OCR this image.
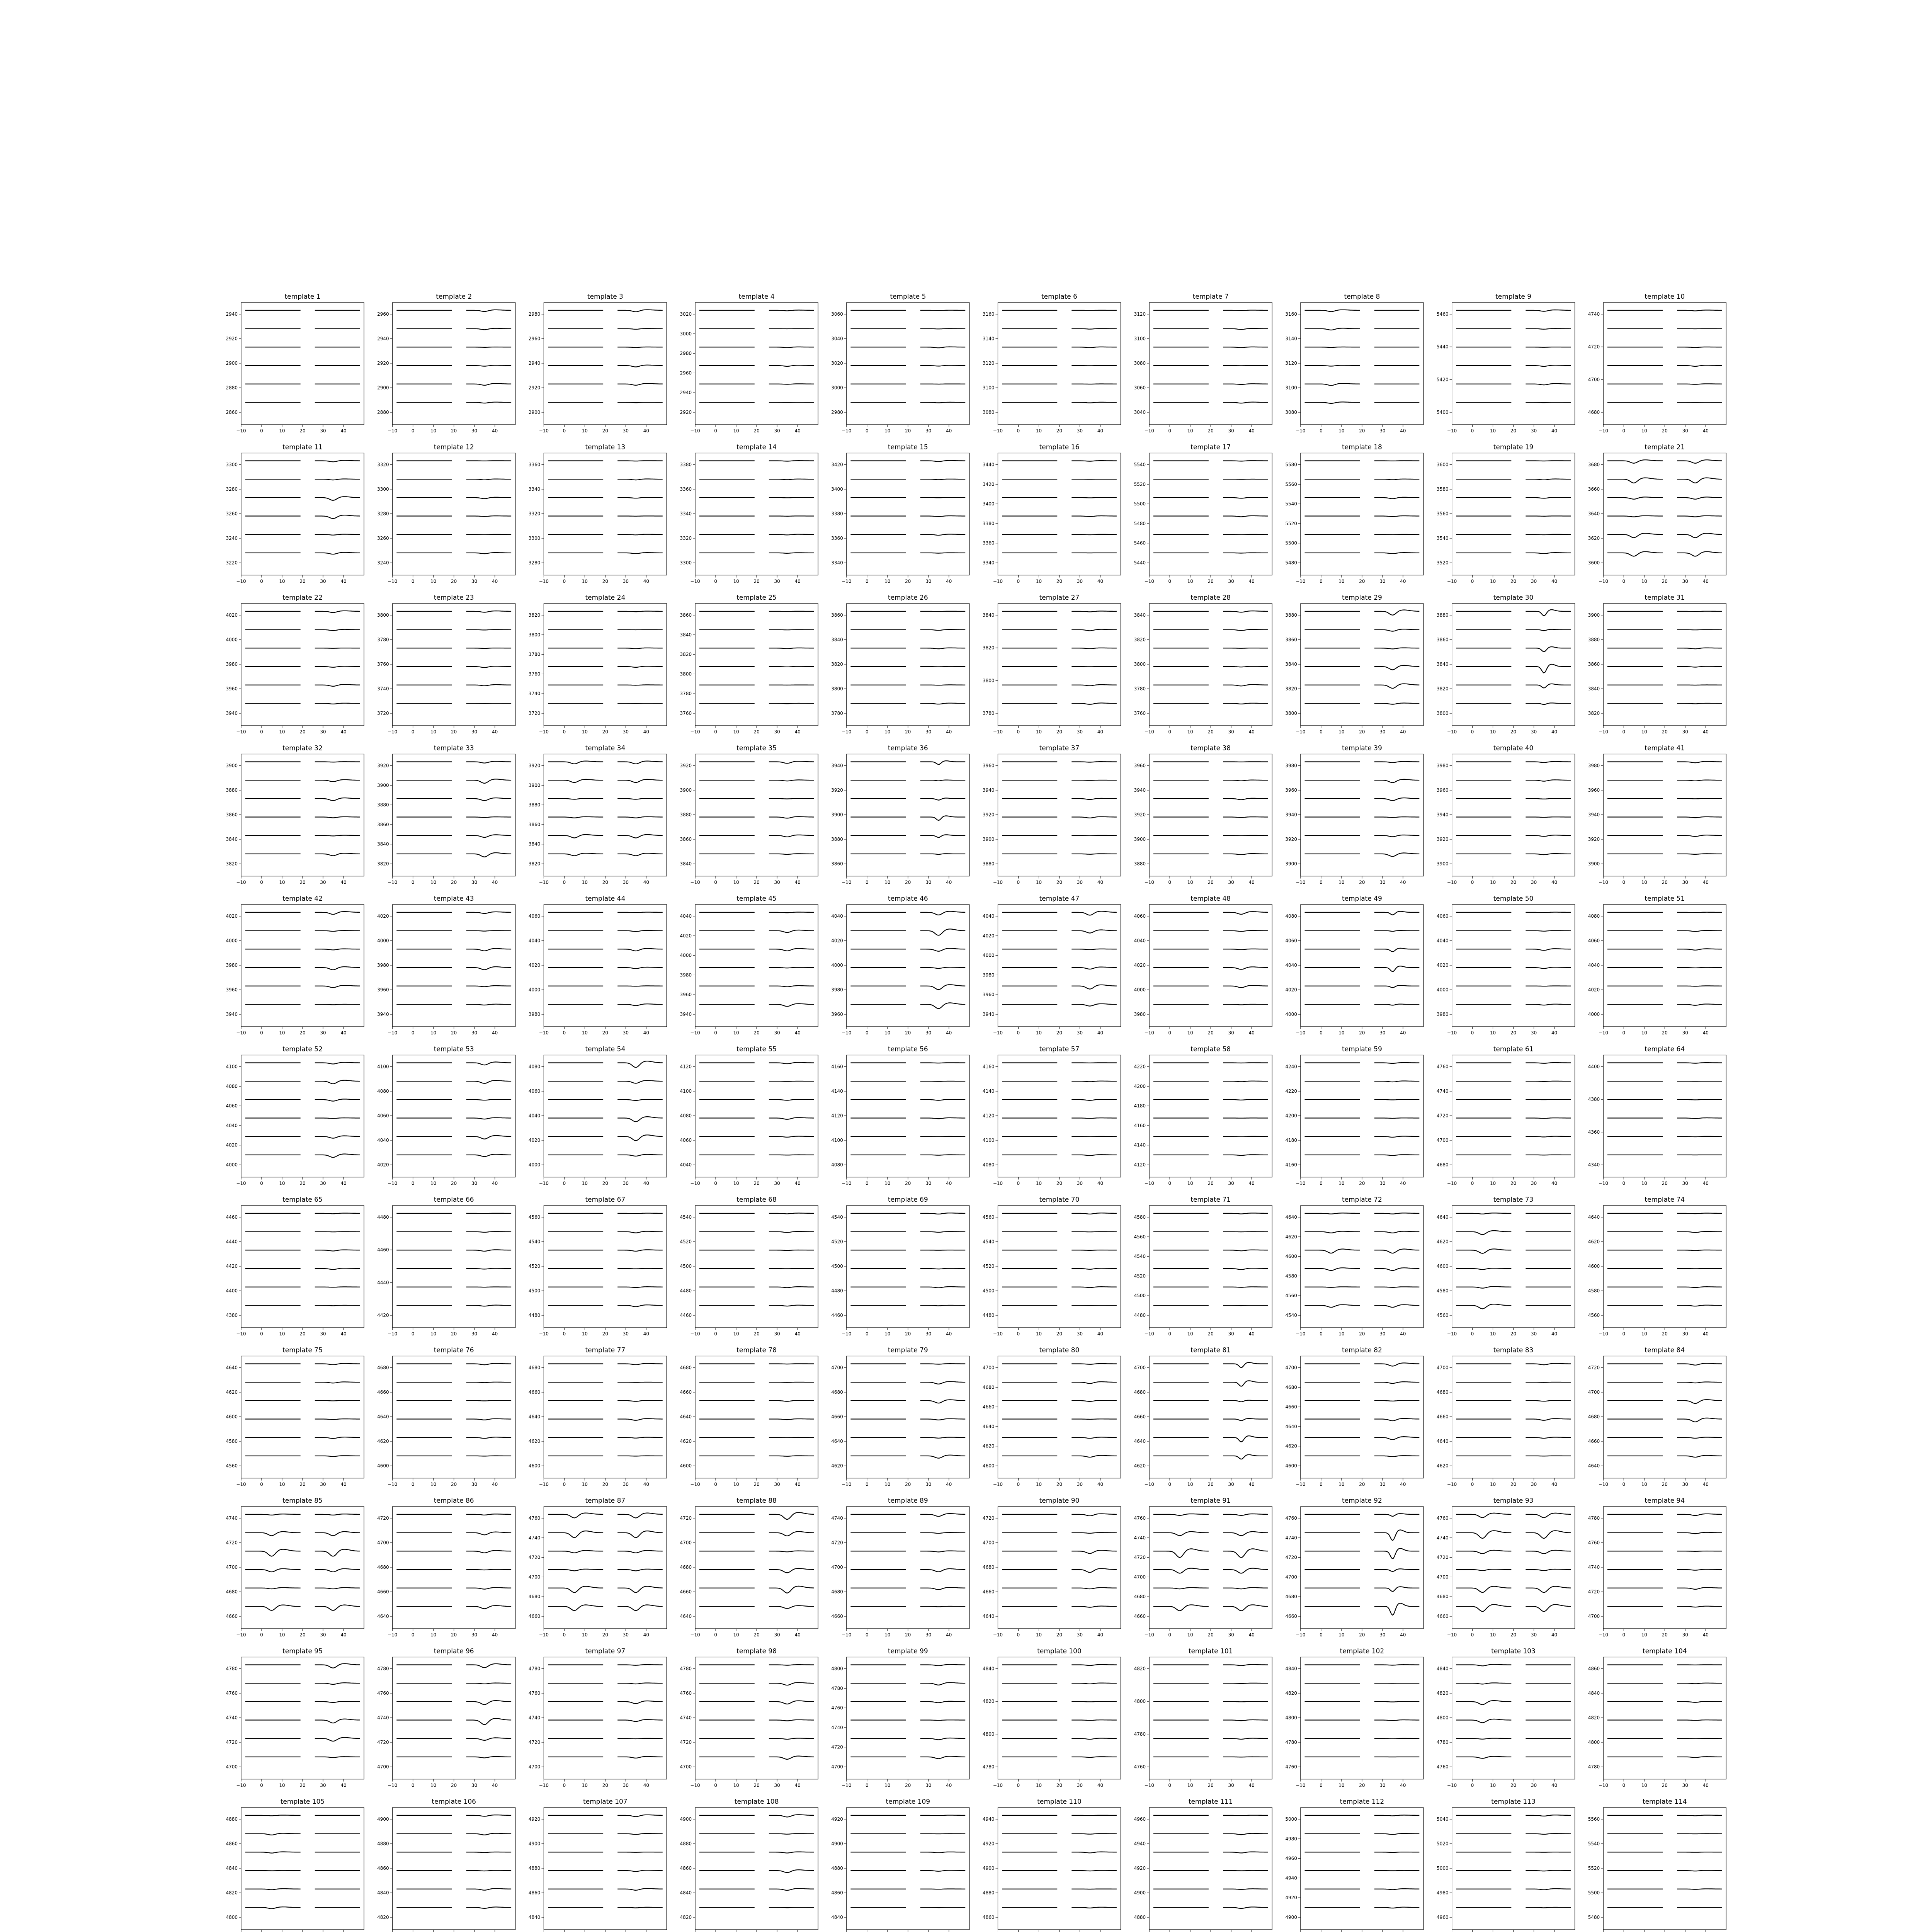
template 1
−10	0	10	20	30	40
2940
2920
2900
2880
2860
template 2
−10	0	10	20	30	40
2960
2940
2920
2900
2880
template 3
−10	0	10	20	30	40
2980
2960
2940
2920
2900
template 4
−10	0	10	20	30	40
3020
3000
2980
2960
2940
2920
template 5
−10	0	10	20	30	40
3060
3040
3020
3000
2980
template 6
−10	0	10	20	30	40
3160
3140
3120
3100
3080
template 7
−10	0	10	20	30	40
3120
3100
3080
3060
3040
template 8
−10	0	10	20	30	40
3160
3140
3120
3100
3080
template 9
−10	0	10	20	30	40
5460
5440
5420
5400
template 10
−10	0	10	20	30	40
4740
4720
4700
4680
template 11
−10	0	10	20	30	40
3300
3280
3260
3240
3220
template 12
−10	0	10	20	30	40
3320
3300
3280
3260
3240
template 13
−10	0	10	20	30	40
3360
3340
3320
3300
3280
template 14
−10	0	10	20	30	40
3380
3360
3340
3320
3300
template 15
−10	0	10	20	30	40
3420
3400
3380
3360
3340
template 16
−10	0	10	20	30	40
3440
3420
3400
3380
3360
3340
template 17
−10	0	10	20	30	40
5540
5520
5500
5480
5460
5440
template 18
−10	0	10	20	30	40
5580
5560
5540
5520
5500
5480
template 19
−10	0	10	20	30	40
3600
3580
3560
3540
3520
template 21
−10	0	10	20	30	40
3680
3660
3640
3620
3600
template 22
−10	0	10	20	30	40
4020
4000
3980
3960
3940
template 23
−10	0	10	20	30	40
3800
3780
3760
3740
3720
template 24
−10	0	10	20	30	40
3820
3800
3780
3760
3740
3720
template 25
−10	0	10	20	30	40
3860
3840
3820
3800
3780
3760
template 26
−10	0	10	20	30	40
3860
3840
3820
3800
3780
template 27
−10	0	10	20	30	40
3840
3820
3800
3780
template 28
−10	0	10	20	30	40
3840
3820
3800
3780
3760
template 29
−10	0	10	20	30	40
3880
3860
3840
3820
3800
template 30
−10	0	10	20	30	40
3880
3860
3840
3820
3800
template 31
−10	0	10	20	30	40
3900
3880
3860
3840
3820
template 32
−10	0	10	20	30	40
3900
3880
3860
3840
3820
template 33
−10	0	10	20	30	40
3920
3900
3880
3860
3840
3820
template 34
−10	0	10	20	30	40
3920
3900
3880
3860
3840
3820
template 35
−10	0	10	20	30	40
3920
3900
3880
3860
3840
template 36
−10	0	10	20	30	40
3940
3920
3900
3880
3860
template 37
−10	0	10	20	30	40
3960
3940
3920
3900
3880
template 38
−10	0	10	20	30	40
3960
3940
3920
3900
3880
template 39
−10	0	10	20	30	40
3980
3960
3940
3920
3900
template 40
−10	0	10	20	30	40
3980
3960
3940
3920
3900
template 41
−10	0	10	20	30	40
3980
3960
3940
3920
3900
template 42
−10	0	10	20	30	40
4020
4000
3980
3960
3940
template 43
−10	0	10	20	30	40
4020
4000
3980
3960
3940
template 44
−10	0	10	20	30	40
4060
4040
4020
4000
3980
template 45
−10	0	10	20	30	40
4040
4020
4000
3980
3960
3940
template 46
−10	0	10	20	30	40
4040
4020
4000
3980
3960
template 47
−10	0	10	20	30	40
4040
4020
4000
3980
3960
3940
template 48
−10	0	10	20	30	40
4060
4040
4020
4000
3980
template 49
−10	0	10	20	30	40
4080
4060
4040
4020
4000
template 50
−10	0	10	20	30	40
4060
4040
4020
4000
3980
template 51
−10	0	10	20	30	40
4080
4060
4040
4020
4000
template 52
−10	0	10	20	30	40
4100
4080
4060
4040
4020
4000
template 53
−10	0	10	20	30	40
4100
4080
4060
4040
4020
template 54
−10	0	10	20	30	40
4080
4060
4040
4020
4000
template 55
−10	0	10	20	30	40
4120
4100
4080
4060
4040
template 56
−10	0	10	20	30	40
4160
4140
4120
4100
4080
template 57
−10	0	10	20	30	40
4160
4140
4120
4100
4080
template 58
−10	0	10	20	30	40
4220
4200
4180
4160
4140
4120
template 59
−10	0	10	20	30	40
4240
4220
4200
4180
4160
template 61
−10	0	10	20	30	40
4760
4740
4720
4700
4680
template 64
−10	0	10	20	30	40
4400
4380
4360
4340
template 65
−10	0	10	20	30	40
4460
4440
4420
4400
4380
template 66
−10	0	10	20	30	40
4480
4460
4440
4420
template 67
−10	0	10	20	30	40
4560
4540
4520
4500
4480
template 68
−10	0	10	20	30	40
4540
4520
4500
4480
4460
template 69
−10	0	10	20	30	40
4540
4520
4500
4480
4460
template 70
−10	0	10	20	30	40
4560
4540
4520
4500
4480
template 71
−10	0	10	20	30	40
4580
4560
4540
4520
4500
4480
template 72
−10	0	10	20	30	40
4640
4620
4600
4580
4560
4540
template 73
−10	0	10	20	30	40
4640
4620
4600
4580
4560
template 74
−10	0	10	20	30	40
4640
4620
4600
4580
4560
template 75
−10	0	10	20	30	40
4640
4620
4600
4580
4560
template 76
−10	0	10	20	30	40
4680
4660
4640
4620
4600
template 77
−10	0	10	20	30	40
4680
4660
4640
4620
4600
template 78
−10	0	10	20	30	40
4680
4660
4640
4620
4600
template 79
−10	0	10	20	30	40
4700
4680
4660
4640
4620
template 80
−10	0	10	20	30	40
4700
4680
4660
4640
4620
4600
template 81
−10	0	10	20	30	40
4700
4680
4660
4640
4620
template 82
−10	0	10	20	30	40
4700
4680
4660
4640
4620
4600
template 83
−10	0	10	20	30	40
4700
4680
4660
4640
4620
template 84
−10	0	10	20	30	40
4720
4700
4680
4660
4640
template 85
−10	0	10	20	30	40
4740
4720
4700
4680
4660
template 86
−10	0	10	20	30	40
4720
4700
4680
4660
4640
template 87
−10	0	10	20	30	40
4760
4740
4720
4700
4680
4660
template 88
−10	0	10	20	30	40
4720
4700
4680
4660
4640
template 89
−10	0	10	20	30	40
4740
4720
4700
4680
4660
template 90
−10	0	10	20	30	40
4720
4700
4680
4660
4640
template 91
−10	0	10	20	30	40
4760
4740
4720
4700
4680
4660
template 92
−10	0	10	20	30	40
4760
4740
4720
4700
4680
4660
template 93
−10	0	10	20	30	40
4760
4740
4720
4700
4680
4660
template 94
−10	0	10	20	30	40
4780
4760
4740
4720
4700
template 95
−10	0	10	20	30	40
4780
4760
4740
4720
4700
template 96
−10	0	10	20	30	40
4780
4760
4740
4720
4700
template 97
−10	0	10	20	30	40
4780
4760
4740
4720
4700
template 98
−10	0	10	20	30	40
4780
4760
4740
4720
4700
template 99
−10	0	10	20	30	40
4800
4780
4760
4740
4720
4700
template 100
−10	0	10	20	30	40
4840
4820
4800
4780
template 101
−10	0	10	20	30	40
4820
4800
4780
4760
template 102
−10	0	10	20	30	40
4840
4820
4800
4780
4760
template 103
−10	0	10	20	30	40
4840
4820
4800
4780
4760
template 104
−10	0	10	20	30	40
4860
4840
4820
4800
4780
template 105
4880
4860
4840
4820
4800
template 106
4900
4880
4860
4840
4820
template 107
4920
4900
4880
4860
4840
template 108
4900
4880
4860
4840
4820
template 109
4920
4900
4880
4860
4840
template 110
4940
4920
4900
4880
4860
template 111
4960
4940
4920
4900
4880
template 112
5000
4980
4960
4940
4920
4900
template 113
5040
5020
5000
4980
4960
template 114
5560
5540
5520
5500
5480
